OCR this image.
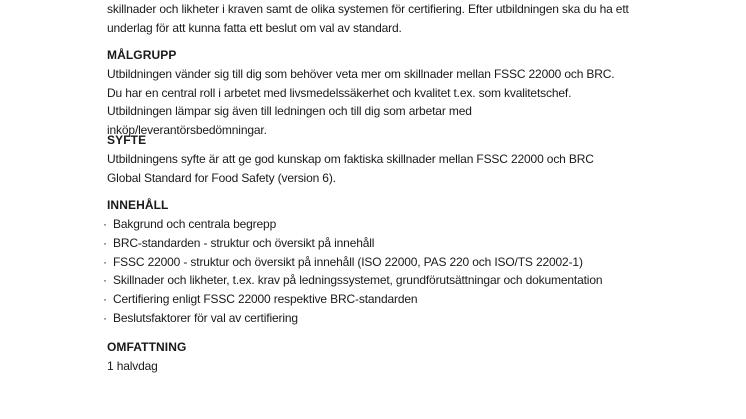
skillnader och likheter i kraven samt de olika systemen för certifiering. Efter utbildningen ska du ha ett underlag för att kunna fatta ett beslut om val av standard.

MÅLGRUPP

Utbildningen vänder sig till dig som behöver veta mer om skillnader mellan FSSC 22000 och BRC. Du har en central roll i arbetet med livsmedelssäkerhet och kvalitet t.ex. som kvalitetschef. Utbildningen lämpar sig även till ledningen och till dig som arbetar med inköp/leverantörsbedömningar.

SYFTE

Utbildningens syfte är att ge god kunskap om faktiska skillnader mellan FSSC 22000 och BRC Global Standard for Food Safety (version 6).

INNEHÅLL
· Bakgrund och centrala begrepp
· BRC-standarden - struktur och översikt på innehåll
· FSSC 22000 - struktur och översikt på innehåll (ISO 22000, PAS 220 och ISO/TS 22002-1)
· Skillnader och likheter, t.ex. krav på ledningssystemet, grundförutsättningar och dokumentation
· Certifiering enligt FSSC 22000 respektive BRC-standarden
· Beslutsfaktorer för val av certifiering
OMFATTNING

1 halvdag
